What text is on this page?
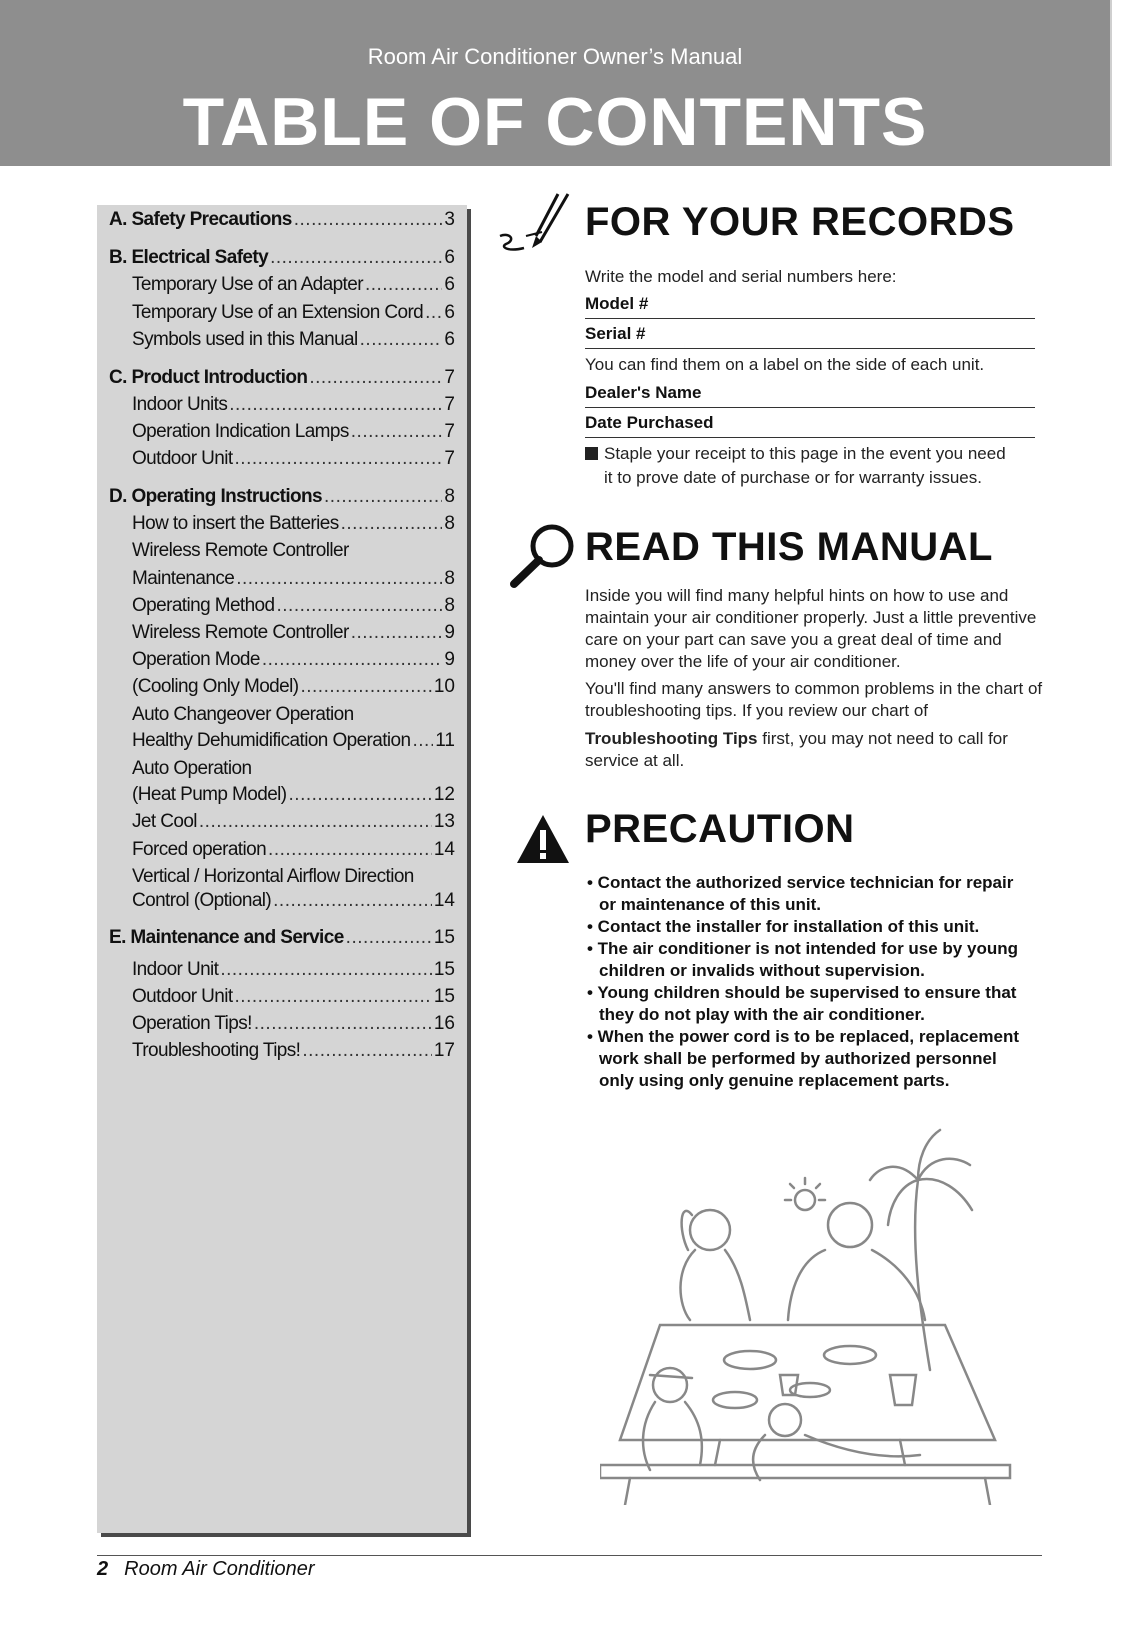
Room Air Conditioner Owner’s Manual
TABLE OF CONTENTS
A. Safety Precautions .....	3
B. Electrical Safety .....	6
Temporary Use of an Adapter .....	6
Temporary Use of an Extension Cord ..... 6
Symbols used in this Manual .....	6
C. Product Introduction .....	7
Indoor Units .....	7
Operation Indication Lamps .....	7
Outdoor Unit .....	7
D. Operating Instructions .....	8
How to insert the Batteries .....	8
Wireless Remote Controller
Maintenance .....	8
Operating Method .....	8
Wireless Remote Controller .....	9
Operation Mode .....	9
(Cooling Only Model) .....	10
Auto Changeover Operation
Healthy Dehumidification Operation ..... 11
Auto Operation
(Heat Pump Model) .....	12
Jet Cool .....	13
Forced operation .....	14
Vertical / Horizontal Airflow Direction
Control (Optional) .....	14
E. Maintenance and Service .....	15
Indoor Unit .....	15
Outdoor Unit .....	15
Operation Tips! .....	16
Troubleshooting Tips! .....	17
FOR YOUR RECORDS
Write the model and serial numbers here:
Model #
Serial #
You can find them on a label on the side of each unit.
Dealer's Name
Date Purchased
Staple your receipt to this page in the event you need
it to prove date of purchase or for warranty issues.
READ THIS MANUAL
Inside you will find many helpful hints on how to use and maintain your air conditioner properly. Just a little preventive care on your part can save you a great deal of time and money over the life of your air conditioner.
You'll find many answers to common problems in the chart of troubleshooting tips. If you review our chart of
Troubleshooting Tips first, you may not need to call for service at all.
PRECAUTION
• Contact the authorized service technician for repair or maintenance of this unit.
• Contact the installer for installation of this unit.
• The air conditioner is not intended for use by young children or invalids without supervision.
• Young children should be supervised to ensure that they do not play with the air conditioner.
• When the power cord is to be replaced, replacement work shall be performed by authorized personnel only using only genuine replacement parts.
2 Room Air Conditioner
